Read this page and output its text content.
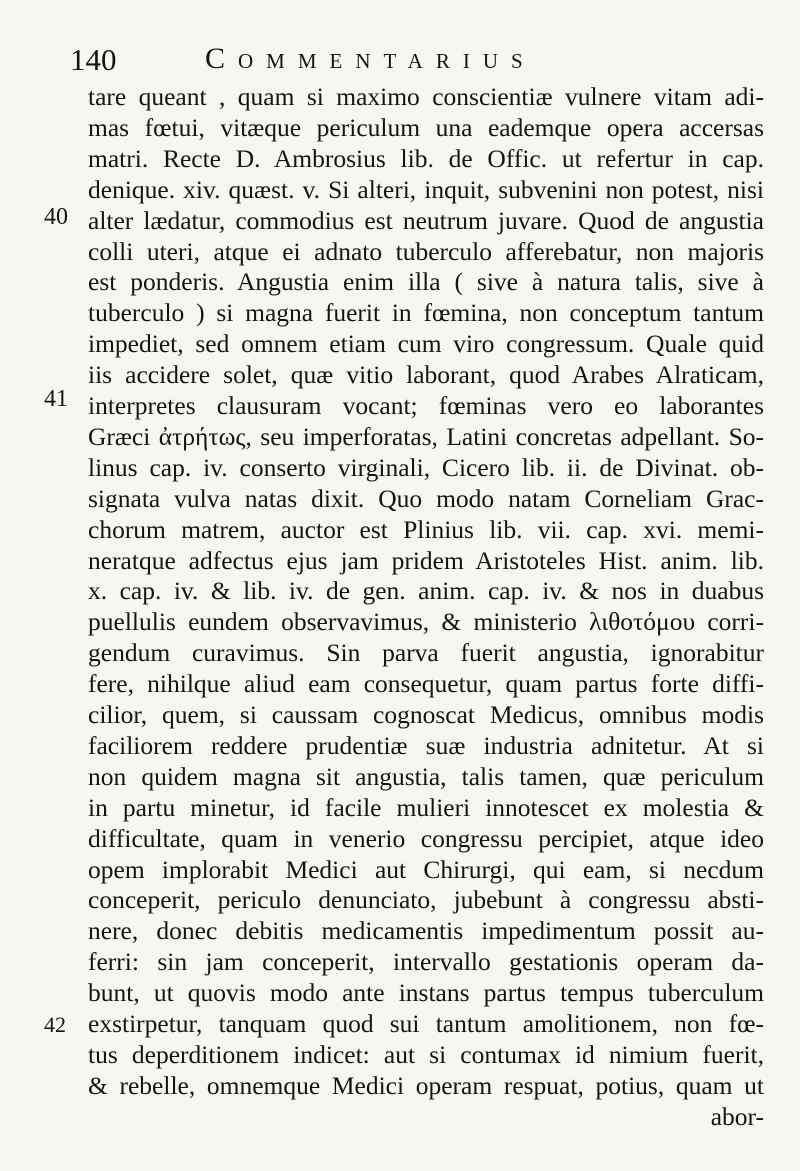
140	Commentarius
tare queant , quam si maximo conscientiæ vulnere vitam adi-
mas fœtui, vitæque periculum una eademque opera accersas
matri. Recte D. Ambrosius lib. de Offic. ut refertur in cap.
denique. xiv. quæst. v. Si alteri, inquit, subvenini non potest, nisi
alter lædatur, commodius est neutrum juvare. Quod de angustia
colli uteri, atque ei adnato tuberculo afferebatur, non majoris
est ponderis. Angustia enim illa ( sive à natura talis, sive à
tuberculo ) si magna fuerit in fœmina, non conceptum tantum
impediet, sed omnem etiam cum viro congressum. Quale quid
iis accidere solet, quæ vitio laborant, quod Arabes Alraticam,
interpretes clausuram vocant; fœminas vero eo laborantes
Græci ἀτρήτως, seu imperforatas, Latini concretas adpellant. So-
linus cap. iv. conserto virginali, Cicero lib. ii. de Divinat. ob-
signata vulva natas dixit. Quo modo natam Corneliam Grac-
chorum matrem, auctor est Plinius lib. vii. cap. xvi. memi-
neratque adfectus ejus jam pridem Aristoteles Hist. anim. lib.
x. cap. iv. & lib. iv. de gen. anim. cap. iv. & nos in duabus
puellulis eundem observavimus, & ministerio λιθοτόμου corri-
gendum curavimus. Sin parva fuerit angustia, ignorabitur
fere, nihilque aliud eam consequetur, quam partus forte diffi-
cilior, quem, si caussam cognoscat Medicus, omnibus modis
faciliorem reddere prudentiæ suæ industria adnitetur. At si
non quidem magna sit angustia, talis tamen, quæ periculum
in partu minetur, id facile mulieri innotescet ex molestia &
difficultate, quam in venerio congressu percipiet, atque ideo
opem implorabit Medici aut Chirurgi, qui eam, si necdum
conceperit, periculo denunciato, jubebunt à congressu absti-
nere, donec debitis medicamentis impedimentum possit au-
ferri: sin jam conceperit, intervallo gestationis operam da-
bunt, ut quovis modo ante instans partus tempus tuberculum
exstirpetur, tanquam quod sui tantum amolitionem, non fœ-
tus deperditionem indicet: aut si contumax id nimium fuerit,
& rebelle, omnemque Medici operam respuat, potius, quam ut
abor-
40
41
42
